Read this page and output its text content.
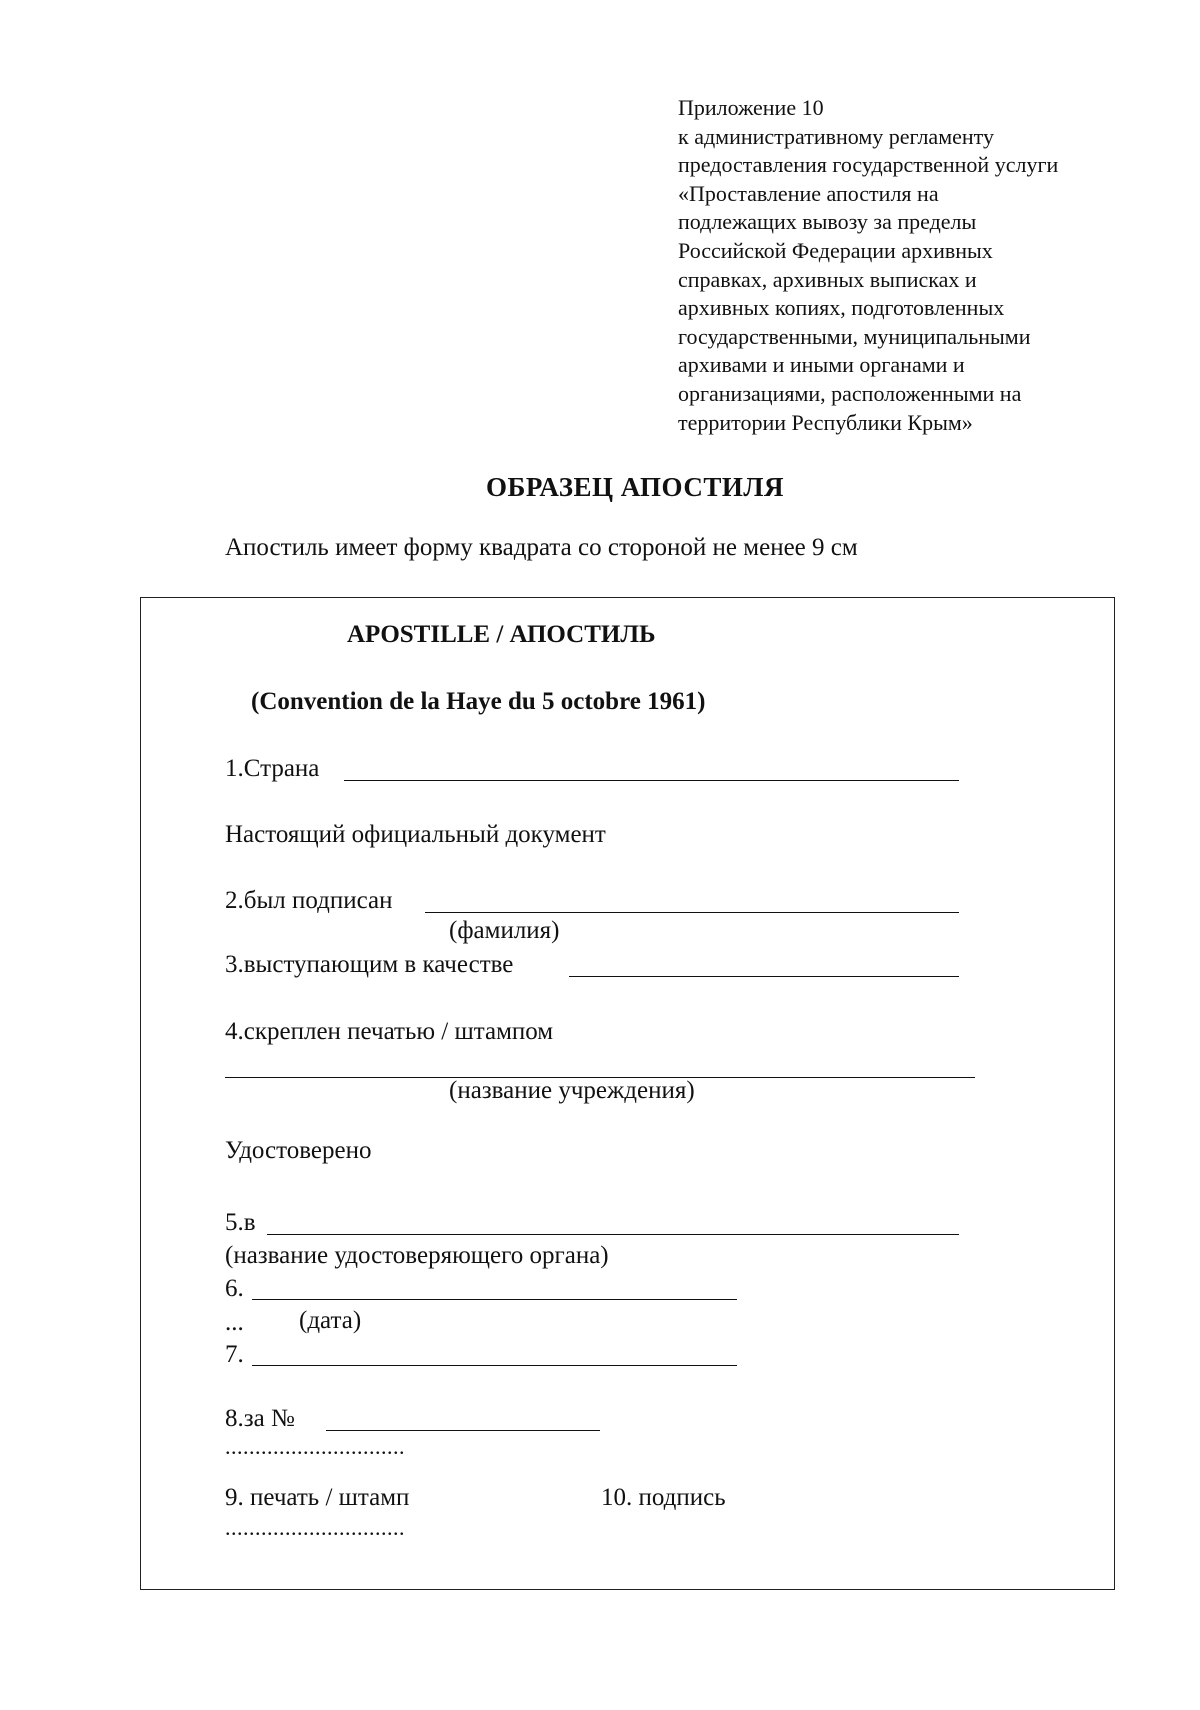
Приложение 10
к административному регламенту
предоставления государственной услуги
«Проставление апостиля на
подлежащих вывозу за пределы
Российской Федерации архивных
справках, архивных выписках и
архивных копиях, подготовленных
государственными, муниципальными
архивами и иными органами и
организациями, расположенными на
территории Республики Крым»
ОБРАЗЕЦ АПОСТИЛЯ
Апостиль имеет форму квадрата со стороной не менее 9 см
APOSTILLE / АПОСТИЛЬ
(Convention de la Haye du 5 octobre 1961)
1.Страна
Настоящий официальный документ
2.был подписан
(фамилия)
3.выступающим в качестве
4.скреплен печатью / штампом
(название учреждения)
Удостоверено
5.в
(название удостоверяющего органа)
6.
... (дата)
7.
8.за №
..............................
9. печать / штамп	10. подпись
..............................
